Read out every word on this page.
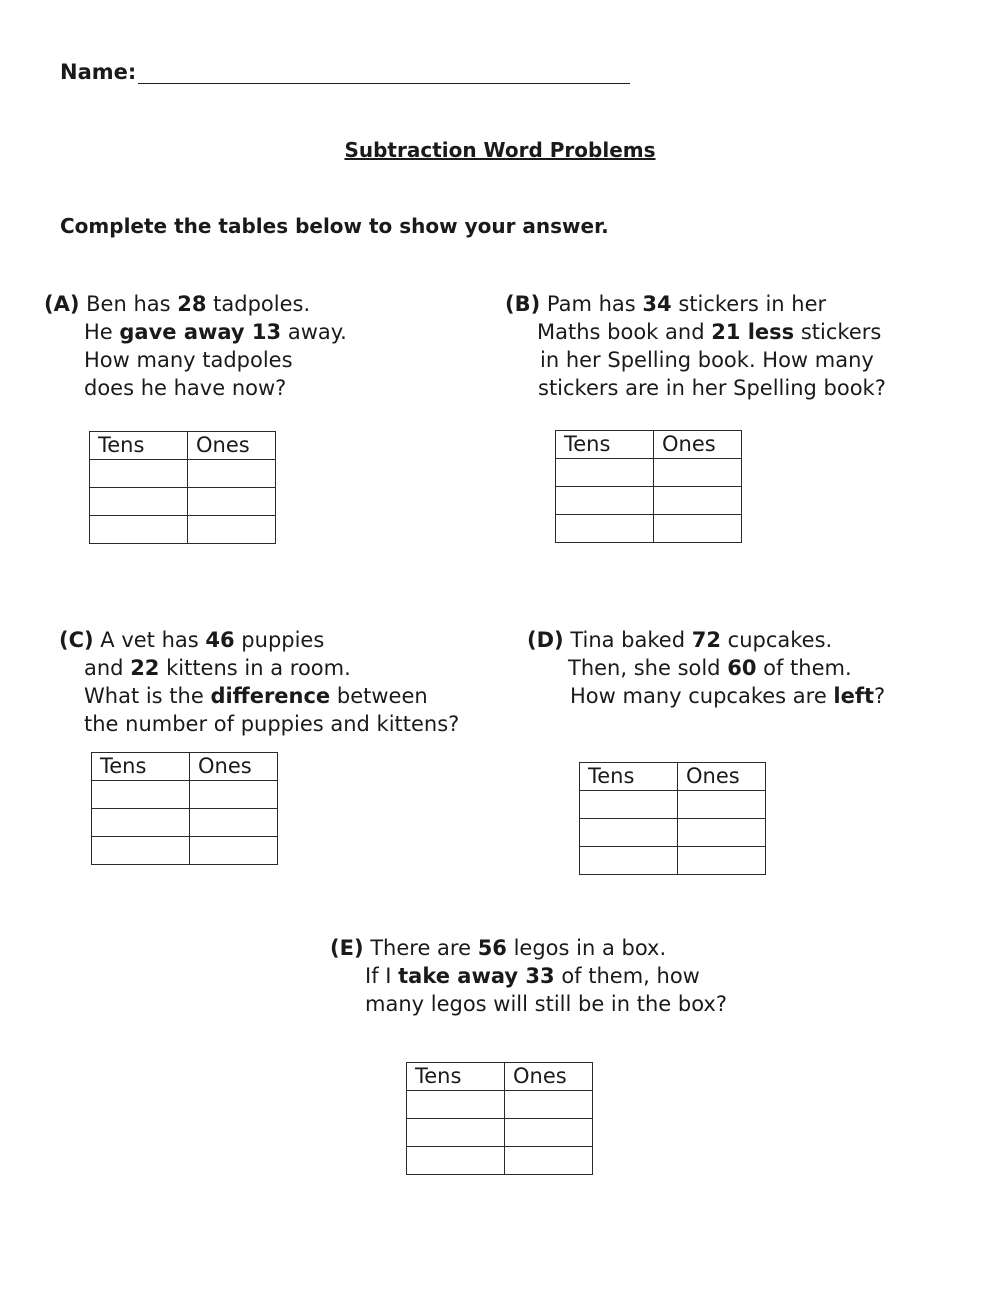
Name:
Subtraction Word Problems
Complete the tables below to show your answer.
(A) Ben has 28 tadpoles.
He gave away 13 away.
How many tadpoles
does he have now?
Tens	Ones

(B) Pam has 34 stickers in her
Maths book and 21 less stickers
in her Spelling book. How many
stickers are in her Spelling book?
Tens	Ones

(C) A vet has 46 puppies
and 22 kittens in a room.
What is the difference between
the number of puppies and kittens?
Tens	Ones

(D) Tina baked 72 cupcakes.
Then, she sold 60 of them.
How many cupcakes are left?
Tens	Ones

(E) There are 56 legos in a box.
If I take away 33 of them, how
many legos will still be in the box?
Tens	Ones
